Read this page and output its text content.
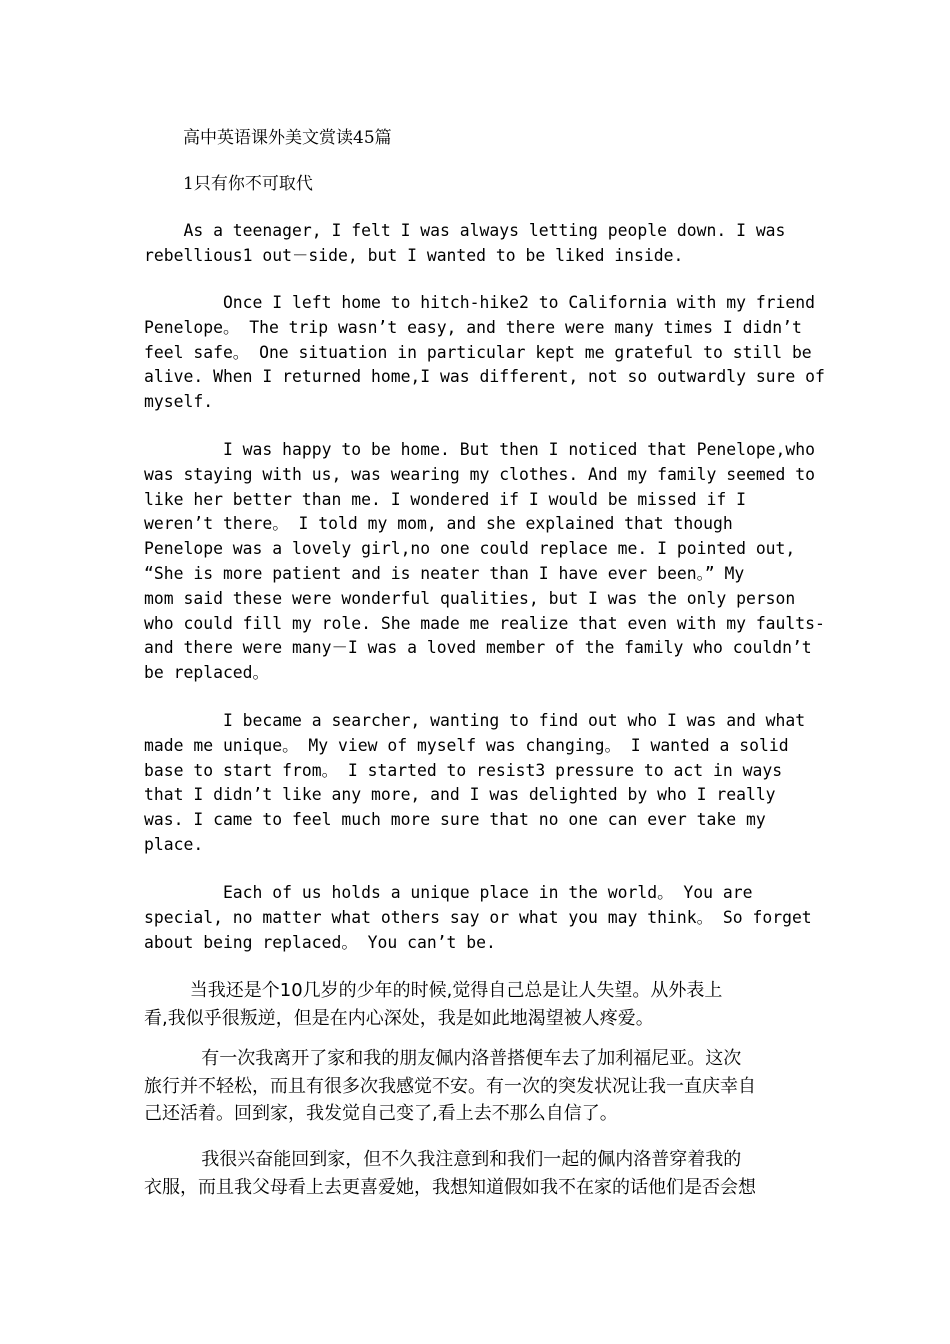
高中英语课外美文赏读45篇
1只有你不可取代
As a teenager, I felt I was always letting people down. I was
rebellious1 out－side, but I wanted to be liked inside.
Once I left home to hitch-hike2 to California with my friend
Penelope。 The trip wasn’t easy, and there were many times I didn’t
feel safe。 One situation in particular kept me grateful to still be
alive. When I returned home,I was different, not so outwardly sure of
myself.
I was happy to be home. But then I noticed that Penelope,who
was staying with us, was wearing my clothes. And my family seemed to
like her better than me. I wondered if I would be missed if I
weren’t there。 I told my mom, and she explained that though
Penelope was a lovely girl,no one could replace me. I pointed out,
“She is more patient and is neater than I have ever been。” My
mom said these were wonderful qualities, but I was the only person
who could fill my role. She made me realize that even with my faults-
and there were many－I was a loved member of the family who couldn’t
be replaced。
I became a searcher, wanting to find out who I was and what
made me unique。 My view of myself was changing。 I wanted a solid
base to start from。 I started to resist3 pressure to act in ways
that I didn’t like any more, and I was delighted by who I really
was. I came to feel much more sure that no one can ever take my
place.
Each of us holds a unique place in the world。 You are
special, no matter what others say or what you may think。 So forget
about being replaced。 You can’t be.
当我还是个10几岁的少年的时候,觉得自己总是让人失望。从外表上
看,我似乎很叛逆，但是在内心深处，我是如此地渴望被人疼爱。
有一次我离开了家和我的朋友佩内洛普搭便车去了加利福尼亚。这次
旅行并不轻松，而且有很多次我感觉不安。有一次的突发状况让我一直庆幸自
己还活着。回到家，我发觉自己变了,看上去不那么自信了。
我很兴奋能回到家，但不久我注意到和我们一起的佩内洛普穿着我的
衣服，而且我父母看上去更喜爱她，我想知道假如我不在家的话他们是否会想
